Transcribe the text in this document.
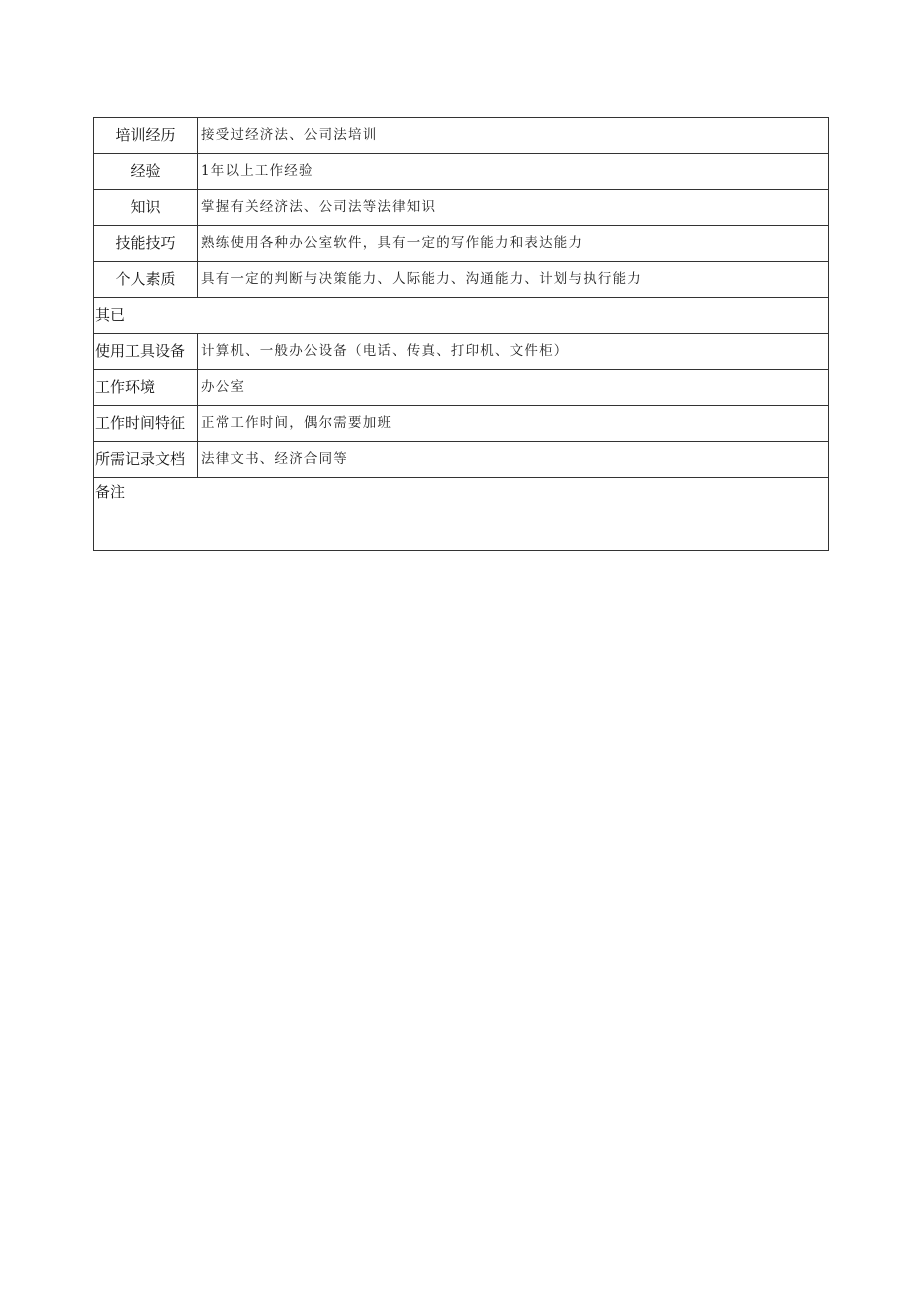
培训经历	接受过经济法、公司法培训

经验	1年以上工作经验

知识	掌握有关经济法、公司法等法律知识

技能技巧	熟练使用各种办公室软件，具有一定的写作能力和表达能力

个人素质	具有一定的判断与决策能力、人际能力、沟通能力、计划与执行能力

其已	

使用工具设备	计算机、一般办公设备（电话、传真、打印机、文件柜）

工作环境	办公室

工作时间特征	正常工作时间，偶尔需要加班

所需记录文档	法律文书、经济合同等

备注	
